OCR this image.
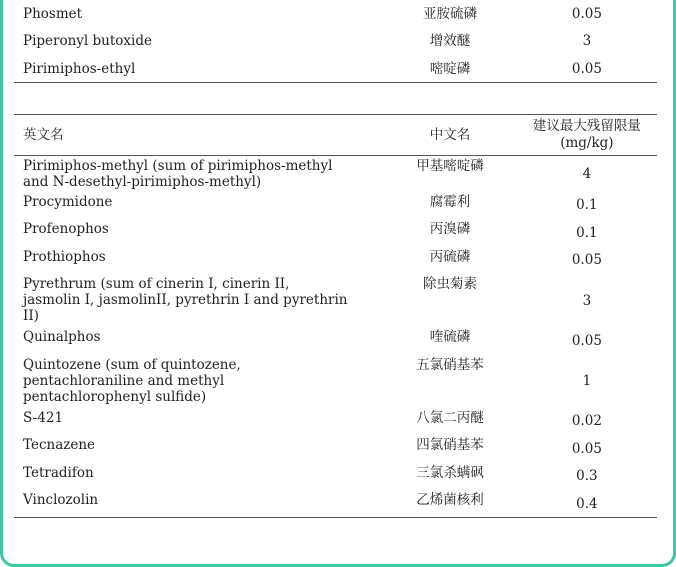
Phosmet	亚胺硫磷	0.05
Piperonyl butoxide	增效醚	3
Pirimiphos-ethyl	嘧啶磷	0.05
英文名	中文名	建议最大残留限量
(mg/kg)

Pirimiphos-methyl (sum of pirimiphos-methyl
and N-desethyl-pirimiphos-methyl)	甲基嘧啶磷	4

Procymidone	腐霉利	0.1

Profenophos	丙溴磷	0.1

Prothiophos	丙硫磷	0.05

Pyrethrum (sum of cinerin I, cinerin II,
jasmolin I, jasmolinII, pyrethrin I and pyrethrin
II)	除虫菊素	3

Quinalphos	喹硫磷	0.05

Quintozene (sum of quintozene,
pentachloraniline and methyl
pentachlorophenyl sulfide)	五氯硝基苯	1

S-421	八氯二丙醚	0.02

Tecnazene	四氯硝基苯	0.05

Tetradifon	三氯杀螨砜	0.3

Vinclozolin	乙烯菌核利	0.4
